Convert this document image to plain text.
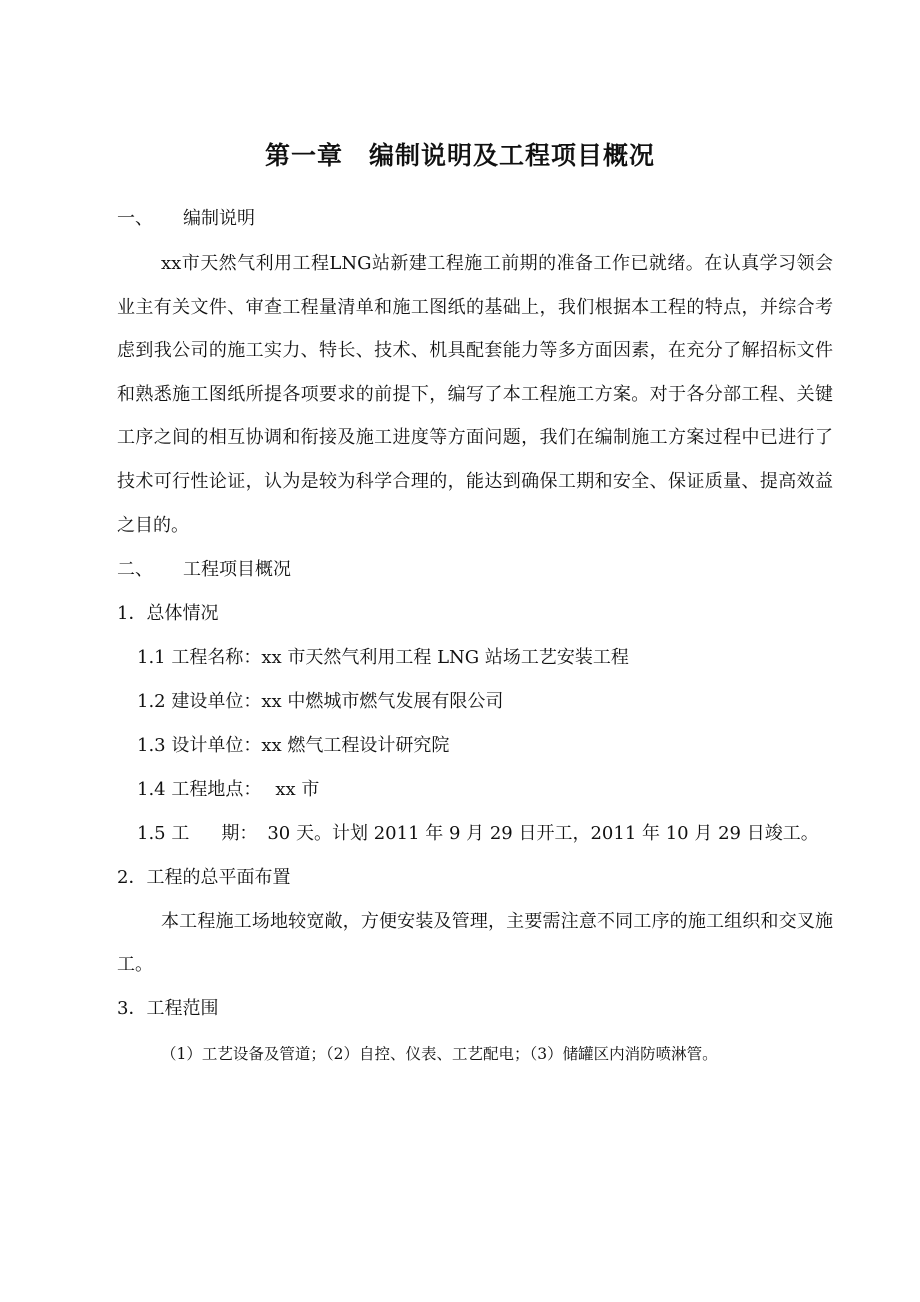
第一章　编制说明及工程项目概况
一、 编制说明
xx市天然气利用工程LNG站新建工程施工前期的准备工作已就绪。在认真学习领会业主有关文件、审查工程量清单和施工图纸的基础上，我们根据本工程的特点，并综合考虑到我公司的施工实力、特长、技术、机具配套能力等多方面因素，在充分了解招标文件和熟悉施工图纸所提各项要求的前提下，编写了本工程施工方案。对于各分部工程、关键工序之间的相互协调和衔接及施工进度等方面问题，我们在编制施工方案过程中已进行了技术可行性论证，认为是较为科学合理的，能达到确保工期和安全、保证质量、提高效益之目的。
二、 工程项目概况
1．总体情况
1.1 工程名称：xx 市天然气利用工程 LNG 站场工艺安装工程
1.2 建设单位：xx 中燃城市燃气发展有限公司
1.3 设计单位：xx 燃气工程设计研究院
1.4 工程地点： xx 市
1.5 工 期： 30 天。计划 2011 年 9 月 29 日开工，2011 年 10 月 29 日竣工。
2．工程的总平面布置
本工程施工场地较宽敞，方便安装及管理，主要需注意不同工序的施工组织和交叉施工。
3．工程范围
（1）工艺设备及管道；（2）自控、仪表、工艺配电；（3）储罐区内消防喷淋管。
